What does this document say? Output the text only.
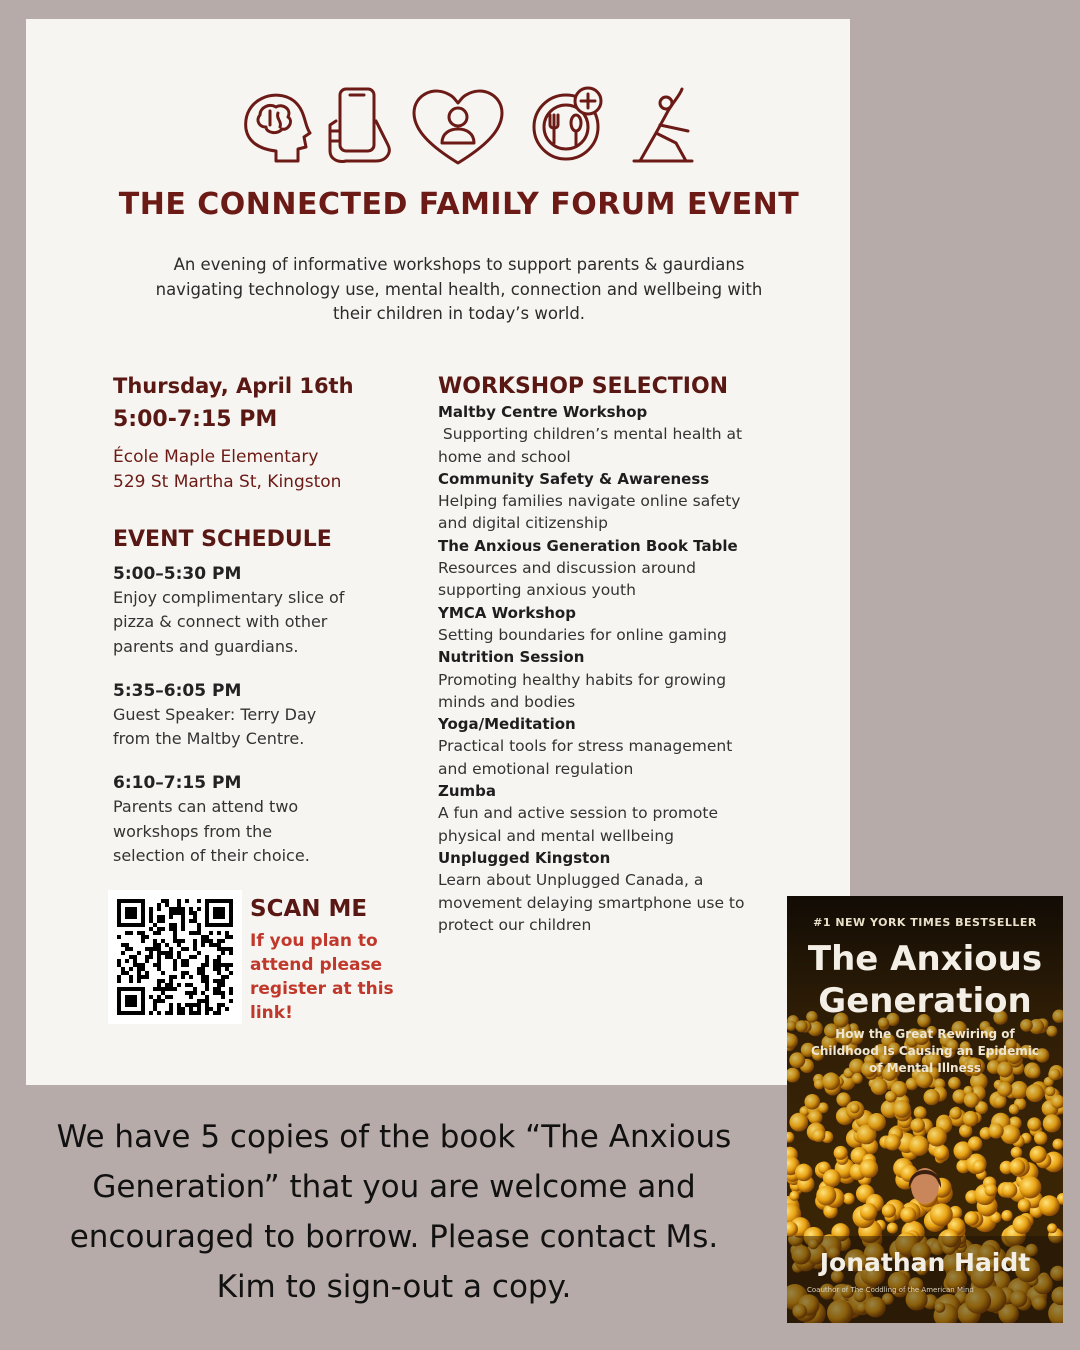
THE CONNECTED FAMILY FORUM EVENT
An evening of informative workshops to support parents & gaurdians
navigating technology use, mental health, connection and wellbeing with
their children in today’s world.
Thursday, April 16th
5:00-7:15 PM
École Maple Elementary
529 St Martha St, Kingston
EVENT SCHEDULE
5:00–5:30 PM
Enjoy complimentary slice of
pizza & connect with other
parents and guardians.
5:35–6:05 PM
Guest Speaker: Terry Day
from the Maltby Centre.
6:10–7:15 PM
Parents can attend two
workshops from the
selection of their choice.
WORKSHOP SELECTION
Maltby Centre Workshop
Supporting children’s mental health at
home and school
Community Safety & Awareness
Helping families navigate online safety
and digital citizenship
The Anxious Generation Book Table
Resources and discussion around
supporting anxious youth
YMCA Workshop
Setting boundaries for online gaming
Nutrition Session
Promoting healthy habits for growing
minds and bodies
Yoga/Meditation
Practical tools for stress management
and emotional regulation
Zumba
A fun and active session to promote
physical and mental wellbeing
Unplugged Kingston
Learn about Unplugged Canada, a
movement delaying smartphone use to
protect our children
SCAN ME
If you plan to
attend please
register at this
link!
We have 5 copies of the book “The Anxious
Generation” that you are welcome and
encouraged to borrow. Please contact Ms.
Kim to sign-out a copy.
#1 NEW YORK TIMES BESTSELLER
The Anxious
Generation
How the Great Rewiring of
Childhood Is Causing an Epidemic
of Mental Illness
Jonathan Haidt
Coauthor of The Coddling of the American Mind
